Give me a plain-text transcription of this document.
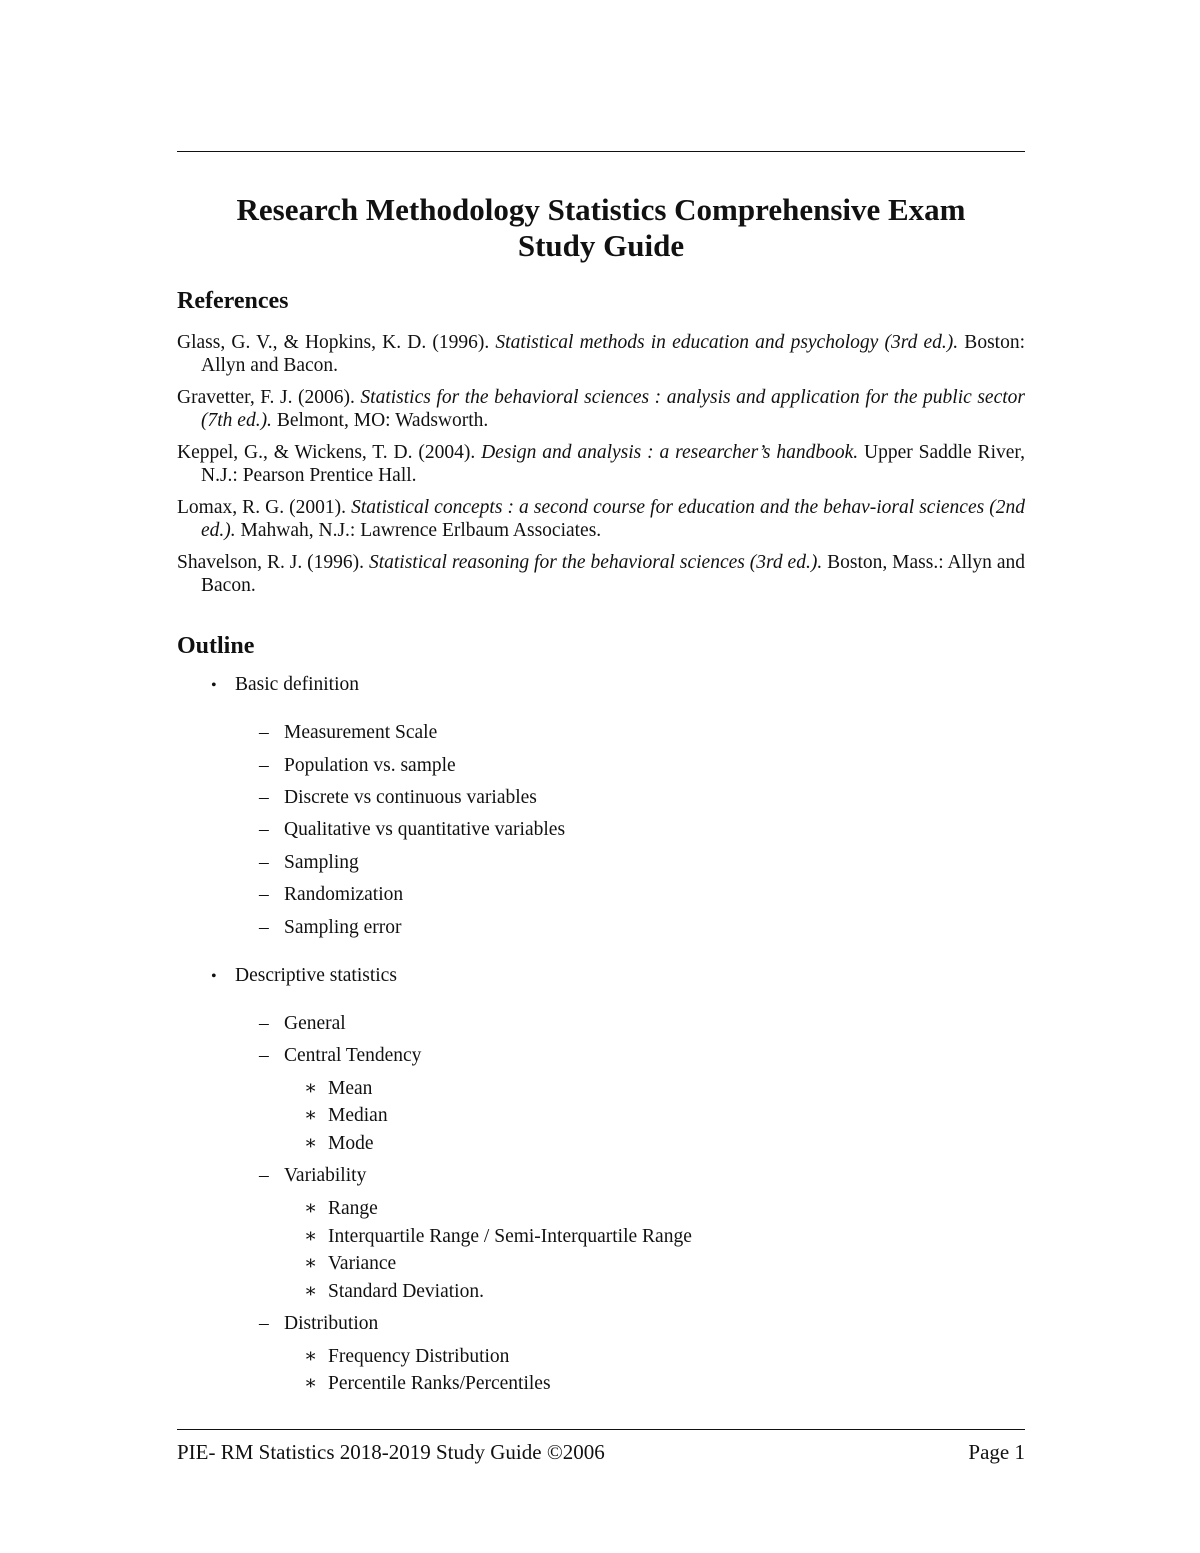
Research Methodology Statistics Comprehensive Exam
Study Guide
References

Glass, G. V., & Hopkins, K. D. (1996). Statistical methods in education and psychology (3rd ed.). Boston: Allyn and Bacon.

Gravetter, F. J. (2006). Statistics for the behavioral sciences : analysis and application for the public sector (7th ed.). Belmont, MO: Wadsworth.

Keppel, G., & Wickens, T. D. (2004). Design and analysis : a researcher’s handbook. Upper Saddle River, N.J.: Pearson Prentice Hall.

Lomax, R. G. (2001). Statistical concepts : a second course for education and the behav-ioral sciences (2nd ed.). Mahwah, N.J.: Lawrence Erlbaum Associates.

Shavelson, R. J. (1996). Statistical reasoning for the behavioral sciences (3rd ed.). Boston, Mass.: Allyn and Bacon.

Outline
• Basic definition
– Measurement Scale
– Population vs. sample
– Discrete vs continuous variables
– Qualitative vs quantitative variables
– Sampling
– Randomization
– Sampling error
• Descriptive statistics
– General
– Central Tendency
∗ Mean
∗ Median
∗ Mode
– Variability
∗ Range
∗ Interquartile Range / Semi-Interquartile Range
∗ Variance
∗ Standard Deviation.
– Distribution
∗ Frequency Distribution
∗ Percentile Ranks/Percentiles
PIE- RM Statistics 2018-2019 Study Guide ©2006	Page 1
